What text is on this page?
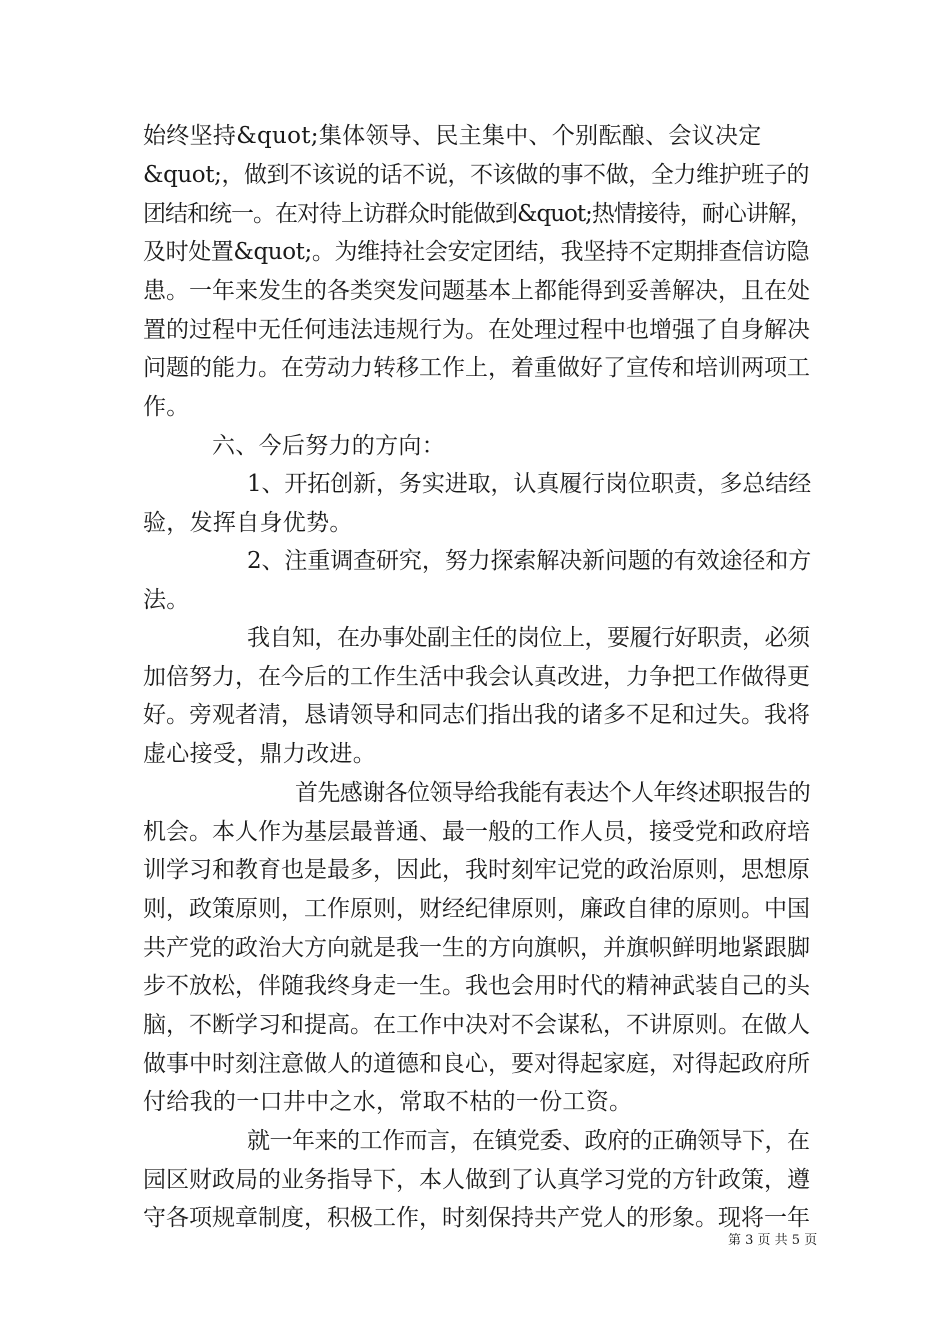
始终坚持&quot;集体领导、民主集中、个别酝酿、会议决定
&quot;，做到不该说的话不说，不该做的事不做，全力维护班子的
团结和统一。在对待上访群众时能做到&quot;热情接待，耐心讲解，
及时处置&quot;。为维持社会安定团结，我坚持不定期排查信访隐
患。一年来发生的各类突发问题基本上都能得到妥善解决，且在处
置的过程中无任何违法违规行为。在处理过程中也增强了自身解决
问题的能力。在劳动力转移工作上，着重做好了宣传和培训两项工
作。
六、今后努力的方向：
1、开拓创新，务实进取，认真履行岗位职责，多总结经
验，发挥自身优势。
2、注重调查研究，努力探索解决新问题的有效途径和方
法。
我自知，在办事处副主任的岗位上，要履行好职责，必须
加倍努力，在今后的工作生活中我会认真改进，力争把工作做得更
好。旁观者清，恳请领导和同志们指出我的诸多不足和过失。我将
虚心接受，鼎力改进。
首先感谢各位领导给我能有表达个人年终述职报告的
机会。本人作为基层最普通、最一般的工作人员，接受党和政府培
训学习和教育也是最多，因此，我时刻牢记党的政治原则，思想原
则，政策原则，工作原则，财经纪律原则，廉政自律的原则。中国
共产党的政治大方向就是我一生的方向旗帜，并旗帜鲜明地紧跟脚
步不放松，伴随我终身走一生。我也会用时代的精神武装自己的头
脑，不断学习和提高。在工作中决对不会谋私，不讲原则。在做人
做事中时刻注意做人的道德和良心，要对得起家庭，对得起政府所
付给我的一口井中之水，常取不枯的一份工资。
就一年来的工作而言，在镇党委、政府的正确领导下，在
园区财政局的业务指导下，本人做到了认真学习党的方针政策，遵
守各项规章制度，积极工作，时刻保持共产党人的形象。现将一年
第 3 页 共 5 页
